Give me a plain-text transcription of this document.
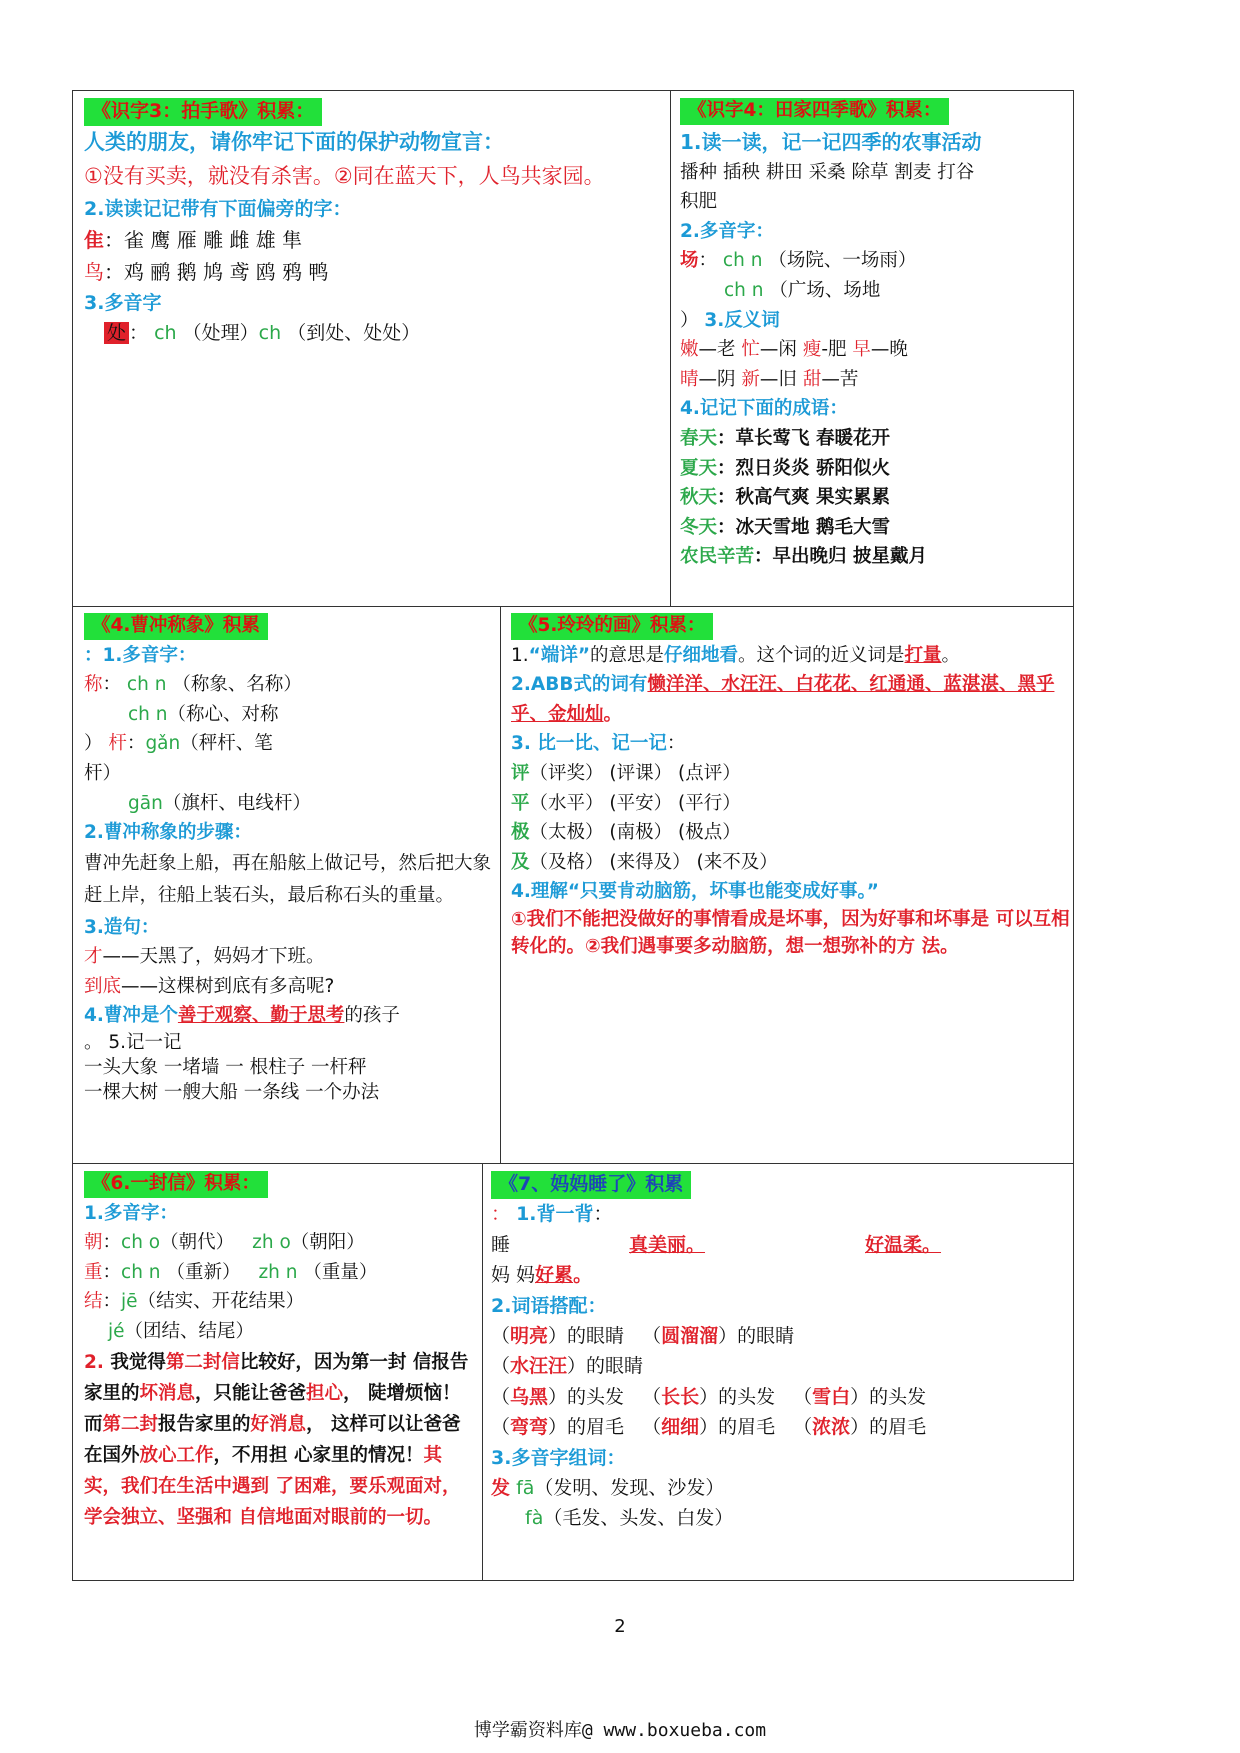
《识字3：拍手歌》积累：
人类的朋友，请你牢记下面的保护动物宣言：
①没有买卖，就没有杀害。②同在蓝天下，人鸟共家园。
2.读读记记带有下面偏旁的字：
隹：雀 鹰 雁 雕 雌 雄 隼
鸟：鸡 鹂 鹅 鸠 鸢 鸥 鸦 鸭
3.多音字
处 ： ch （处理）ch （到处、处处）
《识字4：田家四季歌》积累：
1.读一读，记一记四季的农事活动
播种 插秧 耕田 采桑 除草 割麦 打谷
积肥
2.多音字：
场： ch n （场院、一场雨）
ch n （广场、场地
） 3.反义词
嫩—老 忙—闲 瘦-肥 早—晚
晴—阴 新—旧 甜—苦
4.记记下面的成语：
春天：草长莺飞 春暖花开
夏天：烈日炎炎 骄阳似火
秋天：秋高气爽 果实累累
冬天：冰天雪地 鹅毛大雪
农民辛苦：早出晚归 披星戴月
《4.曹冲称象》积累
：1.多音字：
称： ch n （称象、名称）
ch n（称心、对称
） 杆：gǎn（秤杆、笔
杆）
gān（旗杆、电线杆）
2.曹冲称象的步骤：
曹冲先赶象上船，再在船舷上做记号，然后把大象赶上岸，往船上装石头，最后称石头的重量。
3.造句：
才——天黑了，妈妈才下班。
到底——这棵树到底有多高呢?
4.曹冲是个善于观察、勤于思考的孩子
。 5.记一记
一头大象 一堵墙 一 根柱子 一杆秤
一棵大树 一艘大船 一条线 一个办法
《5.玲玲的画》积累：
1.“端详”的意思是仔细地看。这个词的近义词是打量。
2.ABB式的词有懒洋洋、水汪汪、白花花、红通通、蓝湛湛、黑乎乎、金灿灿。
3. 比一比、记一记：
评（评奖） (评课） (点评）
平（水平） (平安） (平行）
极（太极） (南极） (极点）
及（及格） (来得及） (来不及）
4.理解“只要肯动脑筋，坏事也能变成好事。”
①我们不能把没做好的事情看成是坏事，因为好事和坏事是 可以互相转化的。②我们遇事要多动脑筋，想一想弥补的方 法。
《6.一封信》积累：
1.多音字：
朝：ch o（朝代） zh o（朝阳）
重：ch n （重新） zh n （重量）
结：jē（结实、开花结果）
jé（团结、结尾）
2. 我觉得第二封信比较好，因为第一封 信报告家里的坏消息，只能让爸爸担心， 陡增烦恼！而第二封报告家里的好消息， 这样可以让爸爸在国外放心工作，不用担 心家里的情况！其实，我们在生活中遇到 了困难，要乐观面对，学会独立、坚强和 自信地面对眼前的一切。
《7、妈妈睡了》积累
： 1.背一背：
睡	真美丽。	好温柔。
妈 妈好累。
2.词语搭配：
（明亮）的眼睛 （圆溜溜）的眼睛
（水汪汪）的眼睛
（乌黑）的头发 （长长）的头发 （雪白）的头发
（弯弯）的眉毛 （细细）的眉毛 （浓浓）的眉毛
3.多音字组词：
发 fā（发明、发现、沙发）
fà（毛发、头发、白发）
2
博学霸资料库@ www.boxueba.com
